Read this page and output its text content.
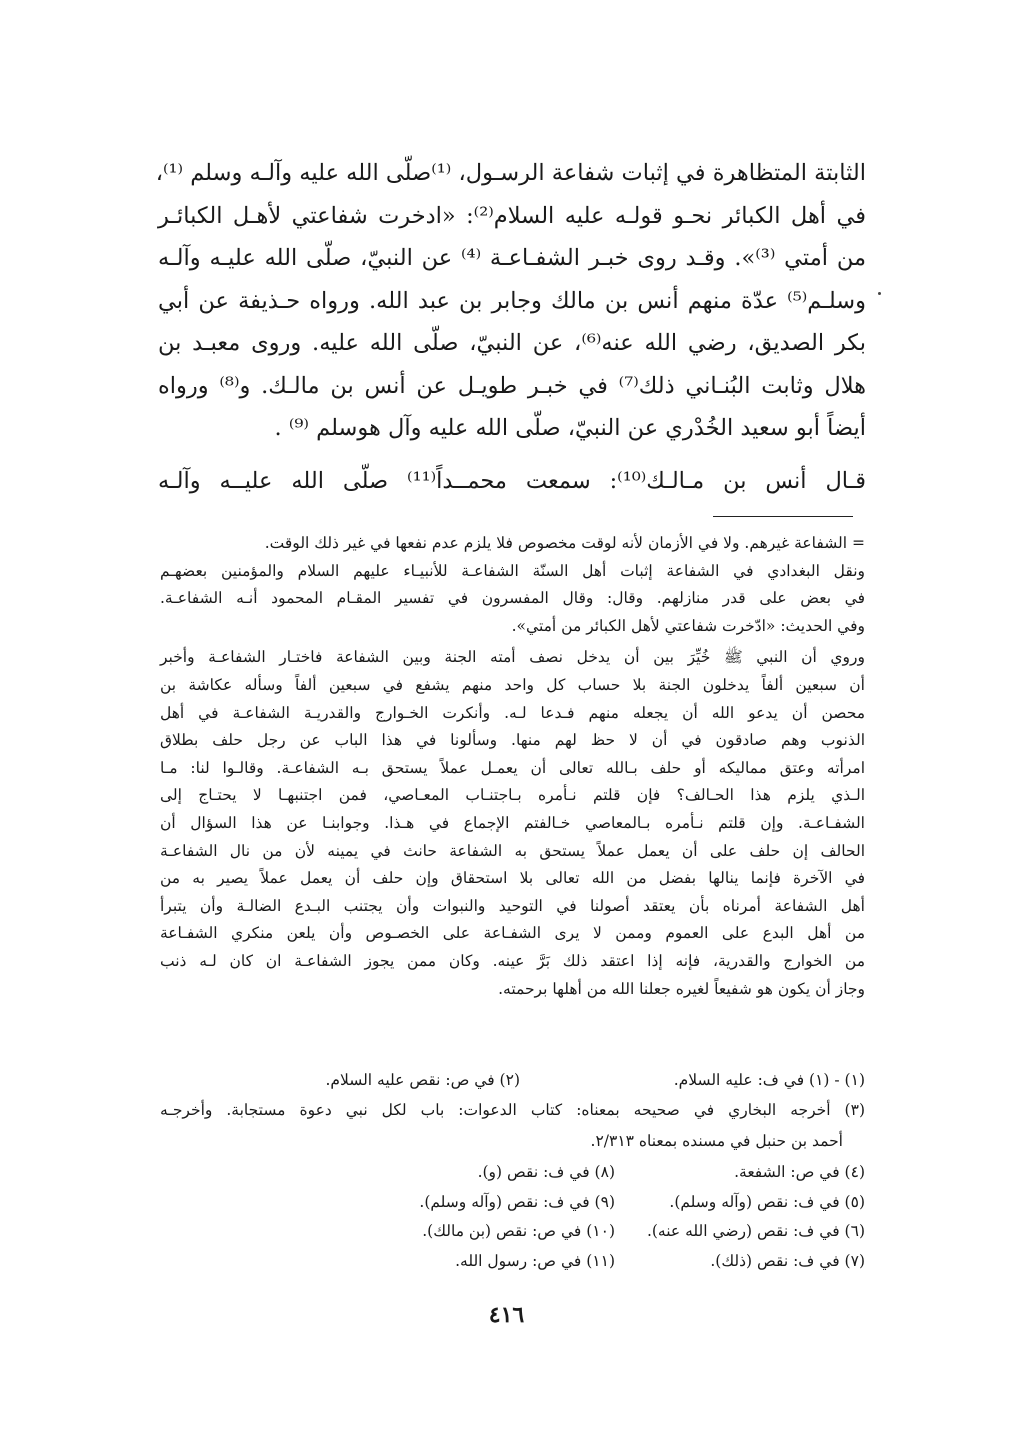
الثابتة المتظاهرة في إثبات شفاعة الرسـول، ⁽¹⁾صلّى الله عليه وآلـه وسلم ⁽¹⁾،
في أهل الكبائر نحـو قولـه عليه السلام⁽²⁾: «ادخرت شفاعتي لأهـل الكبائـر
من أمتي ⁽³⁾». وقـد روى خبـر الشفـاعـة ⁽⁴⁾ عن النبيّ، صلّى الله عليـه وآلـه
وسلـم⁽⁵⁾ عدّة منهم أنس بن مالك وجابر بن عبد الله. ورواه حـذيفة عن أبي
بكر الصديق، رضي الله عنه⁽⁶⁾، عن النبيّ، صلّى الله عليه. وروى معبـد بن
هلال وثابت البُنـاني ذلك⁽⁷⁾ في خبـر طويـل عن أنس بن مالـك. و⁽⁸⁾ ورواه
أيضاً أبو سعيد الخُدْري عن النبيّ، صلّى الله عليه وآل هوسلم ⁽⁹⁾ .
قـال أنس بن مـالـك⁽¹⁰⁾: سمعت محمــداً⁽¹¹⁾ صلّى الله عليــه وآلـه
= الشفاعة غيرهم. ولا في الأزمان لأنه لوقت مخصوص فلا يلزم عدم نفعها في غير ذلك الوقت.
ونقل البغدادي في الشفاعة إثبات أهل السنّة الشفاعـة للأنبيـاء عليهم السلام والمؤمنين بعضهـم
في بعض على قدر منازلهم. وقال: وقال المفسرون في تفسير المقـام المحمود أنـه الشفاعـة.
وفي الحديث: «ادّخرت شفاعتي لأهل الكبائر من أمتي».
وروي أن النبي ﷺ خُيِّرَ بين أن يدخل نصف أمته الجنة وبين الشفاعة فاختـار الشفاعـة وأخبر
أن سبعين ألفاً يدخلون الجنة بلا حساب كل واحد منهم يشفع في سبعين ألفاً وسأله عكاشة بن
محصن أن يدعو الله أن يجعله منهم فـدعا لـه. وأنكرت الخـوارج والقدريـة الشفاعـة في أهل
الذنوب وهم صادقون في أن لا حظ لهم منها. وسألونا في هذا الباب عن رجل حلف بطلاق
امرأته وعتق مماليكه أو حلف بـالله تعالى أن يعمـل عملاً يستحق بـه الشفاعـة. وقالـوا لنا: مـا
الـذي يلزم هذا الحـالف؟ فإن قلتم نـأمره بـاجتنـاب المعـاصي، فمن اجتنبهـا لا يحتـاج إلى
الشفـاعـة. وإن قلتم نـأمره بـالمعاصي خـالفتم الإجماع في هـذا. وجوابنـا عن هذا السؤال أن
الحالف إن حلف على أن يعمل عملاً يستحق به الشفاعة حانث في يمينه لأن من نال الشفاعـة
في الآخرة فإنما ينالها بفضل من الله تعالى بلا استحقاق وإن حلف أن يعمل عملاً يصير به من
أهل الشفاعة أمرناه بأن يعتقد أصولنا في التوحيد والنبوات وأن يجتنب البـدع الضالـة وأن يتبرأ
من أهل البدع على العموم وممن لا يرى الشفـاعة على الخصـوص وأن يلعن منكري الشفـاعة
من الخوارج والقدرية، فإنه إذا اعتقد ذلك بَرَّ عينه. وكان ممن يجوز الشفاعـة ان كان لـه ذنب
وجاز أن يكون هو شفيعاً لغيره جعلنا الله من أهلها برحمته.
(١) - (١) في ف: عليه السلام.
(٢) في ص: نقص عليه السلام.
(٣) أخرجه البخاري في صحيحه بمعناه: كتاب الدعوات: باب لكل نبي دعوة مستجابة. وأخرجـه
أحمد بن حنبل في مسنده بمعناه ٢/٣١٣.
(٤) في ص: الشفعة.
(٨) في ف: نقص (و).
(٥) في ف: نقص (وآله وسلم).
(٩) في ف: نقص (وآله وسلم).
(٦) في ف: نقص (رضي الله عنه).
(١٠) في ص: نقص (بن مالك).
(٧) في ف: نقص (ذلك).
(١١) في ص: رسول الله.
٤١٦
